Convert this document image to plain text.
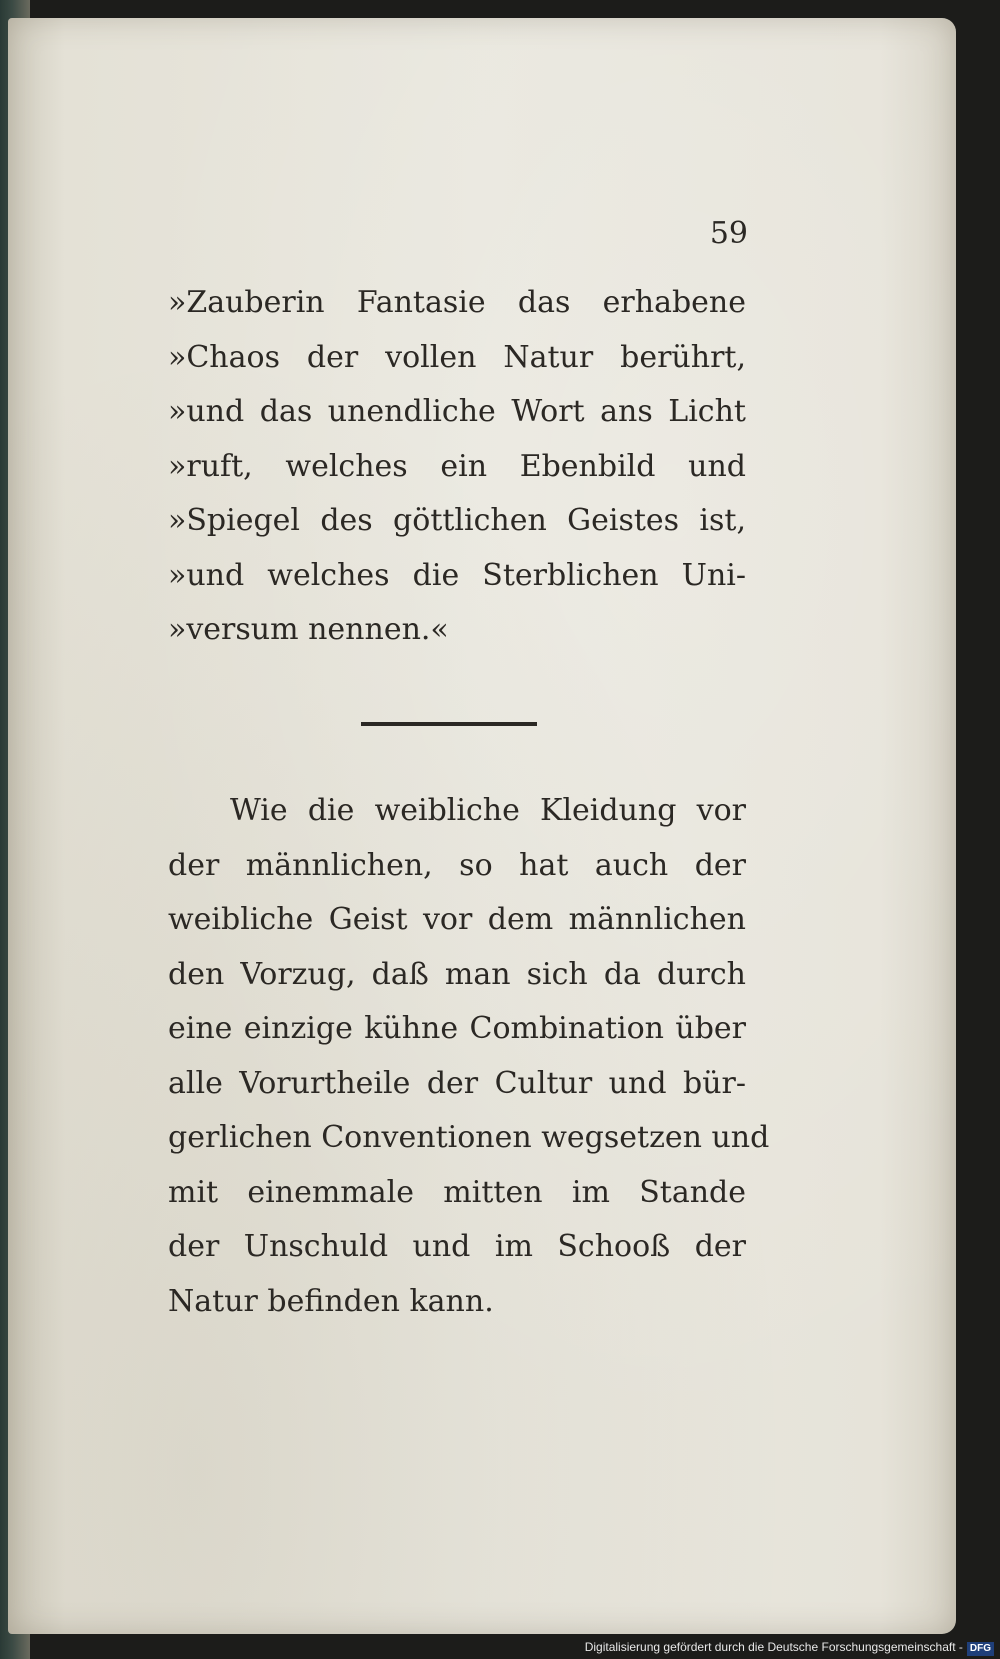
59

»Zauberin Fantasie das erhabene
»Chaos der vollen Natur berührt,
»und das unendliche Wort ans Licht
»ruft, welches ein Ebenbild und
»Spiegel des göttlichen Geistes ist,
»und welches die Sterblichen Uni-
»versum nennen.«

Wie die weibliche Kleidung vor
der männlichen, so hat auch der
weibliche Geist vor dem männlichen
den Vorzug, daß man sich da durch
eine einzige kühne Combination über
alle Vorurtheile der Cultur und bür-
gerlichen Conventionen wegsetzen und
mit einemmale mitten im Stande
der Unschuld und im Schooß der
Natur befinden kann.

Digitalisierung gefördert durch die Deutsche Forschungsgemeinschaft - DFG
